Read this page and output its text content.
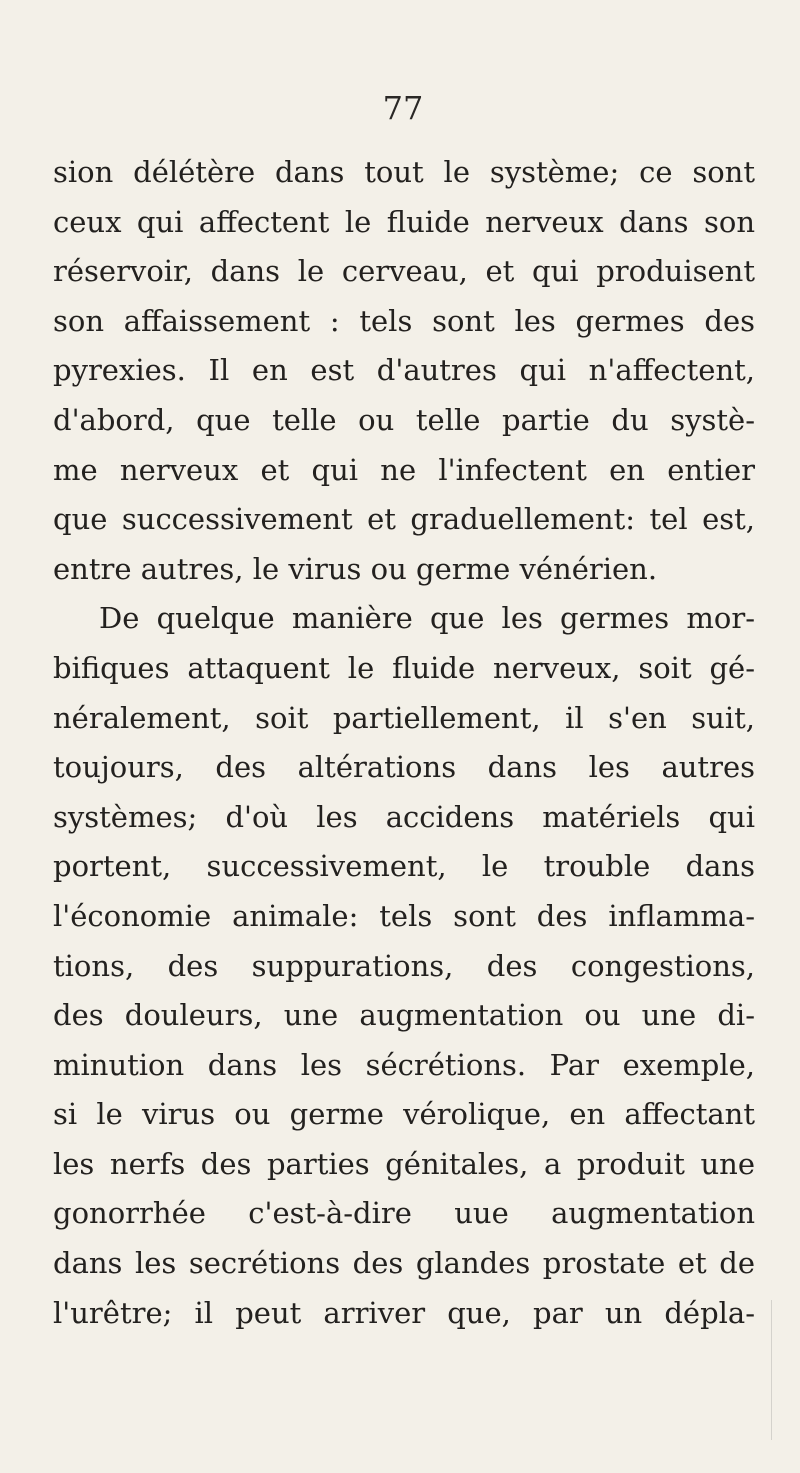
77
sion délétère dans tout le système; ce sont
ceux qui affectent le fluide nerveux dans son
réservoir, dans le cerveau, et qui produisent
son affaissement : tels sont les germes des
pyrexies. Il en est d'autres qui n'affectent,
d'abord, que telle ou telle partie du systè-
me nerveux et qui ne l'infectent en entier
que successivement et graduellement: tel est,
entre autres, le virus ou germe vénérien.
De quelque manière que les germes mor-
bifiques attaquent le fluide nerveux, soit gé-
néralement, soit partiellement, il s'en suit,
toujours, des altérations dans les autres
systèmes; d'où les accidens matériels qui
portent, successivement, le trouble dans
l'économie animale: tels sont des inflamma-
tions, des suppurations, des congestions,
des douleurs, une augmentation ou une di-
minution dans les sécrétions. Par exemple,
si le virus ou germe vérolique, en affectant
les nerfs des parties génitales, a produit une
gonorrhée c'est-à-dire uue augmentation
dans les secrétions des glandes prostate et de
l'urêtre; il peut arriver que, par un dépla-
